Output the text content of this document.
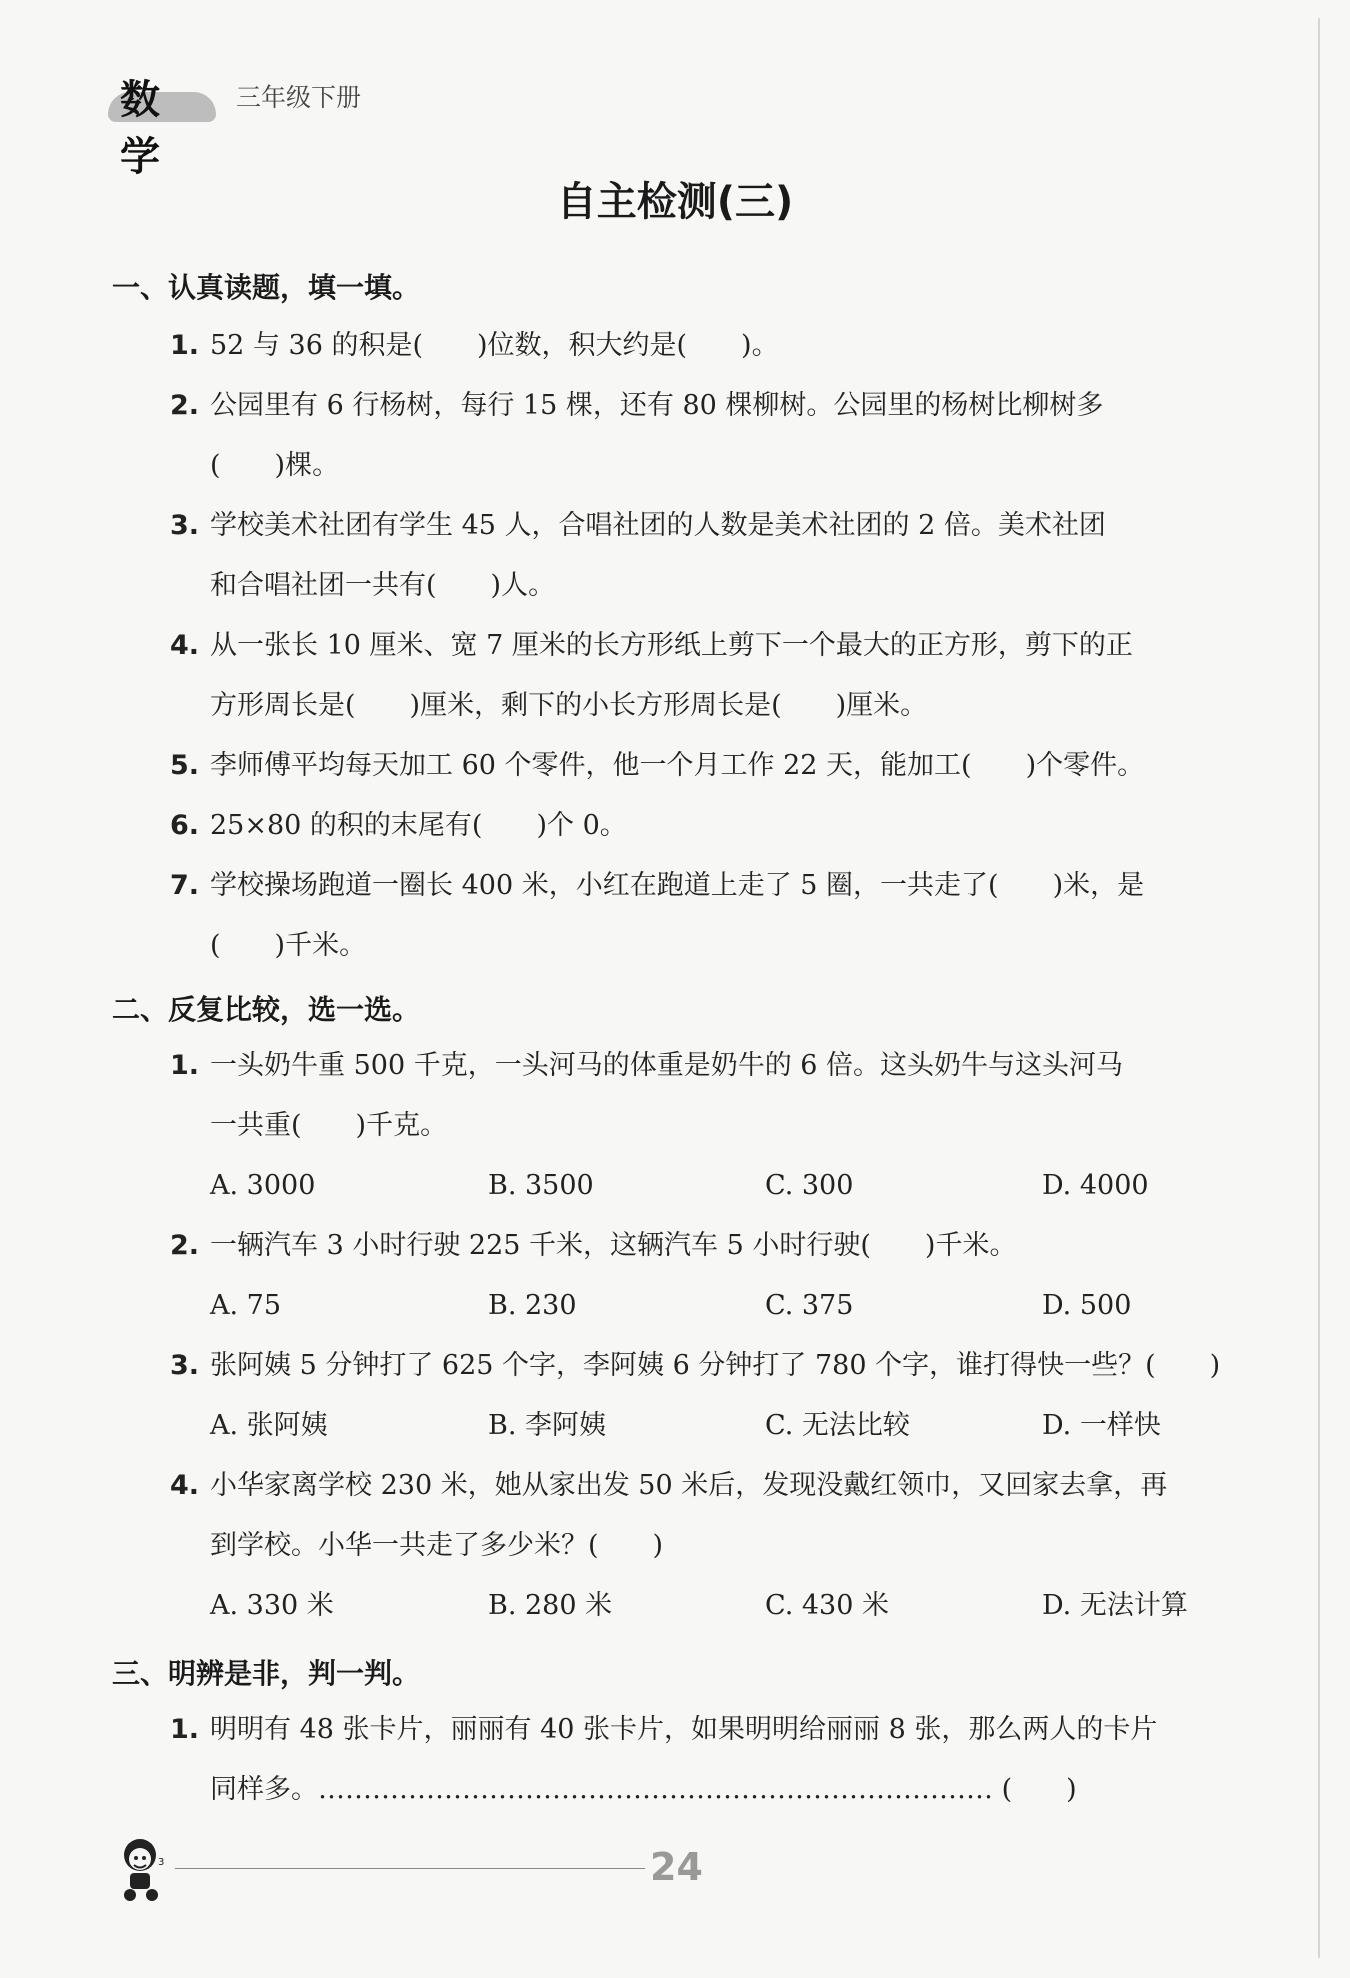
数学
三年级下册
自主检测(三)
一、认真读题，填一填。
1. 52 与 36 的积是(　　)位数，积大约是(　　)。
2. 公园里有 6 行杨树，每行 15 棵，还有 80 棵柳树。公园里的杨树比柳树多
(　　)棵。
3. 学校美术社团有学生 45 人，合唱社团的人数是美术社团的 2 倍。美术社团
和合唱社团一共有(　　)人。
4. 从一张长 10 厘米、宽 7 厘米的长方形纸上剪下一个最大的正方形，剪下的正
方形周长是(　　)厘米，剩下的小长方形周长是(　　)厘米。
5. 李师傅平均每天加工 60 个零件，他一个月工作 22 天，能加工(　　)个零件。
6. 25×80 的积的末尾有(　　)个 0。
7. 学校操场跑道一圈长 400 米，小红在跑道上走了 5 圈，一共走了(　　)米，是
(　　)千米。
二、反复比较，选一选。
1. 一头奶牛重 500 千克，一头河马的体重是奶牛的 6 倍。这头奶牛与这头河马
一共重(　　)千克。
A. 3000	B. 3500	C. 300	D. 4000
2. 一辆汽车 3 小时行驶 225 千米，这辆汽车 5 小时行驶(　　)千米。
A. 75	B. 230	C. 375	D. 500
3. 张阿姨 5 分钟打了 625 个字，李阿姨 6 分钟打了 780 个字，谁打得快一些？(　　)
A. 张阿姨	B. 李阿姨	C. 无法比较	D. 一样快
4. 小华家离学校 230 米，她从家出发 50 米后，发现没戴红领巾，又回家去拿，再
到学校。小华一共走了多少米？(　　)
A. 330 米	B. 280 米	C. 430 米	D. 无法计算
三、明辨是非，判一判。
1. 明明有 48 张卡片，丽丽有 40 张卡片，如果明明给丽丽 8 张，那么两人的卡片
同样多。………………………………………………………………… (　　)
3	24
